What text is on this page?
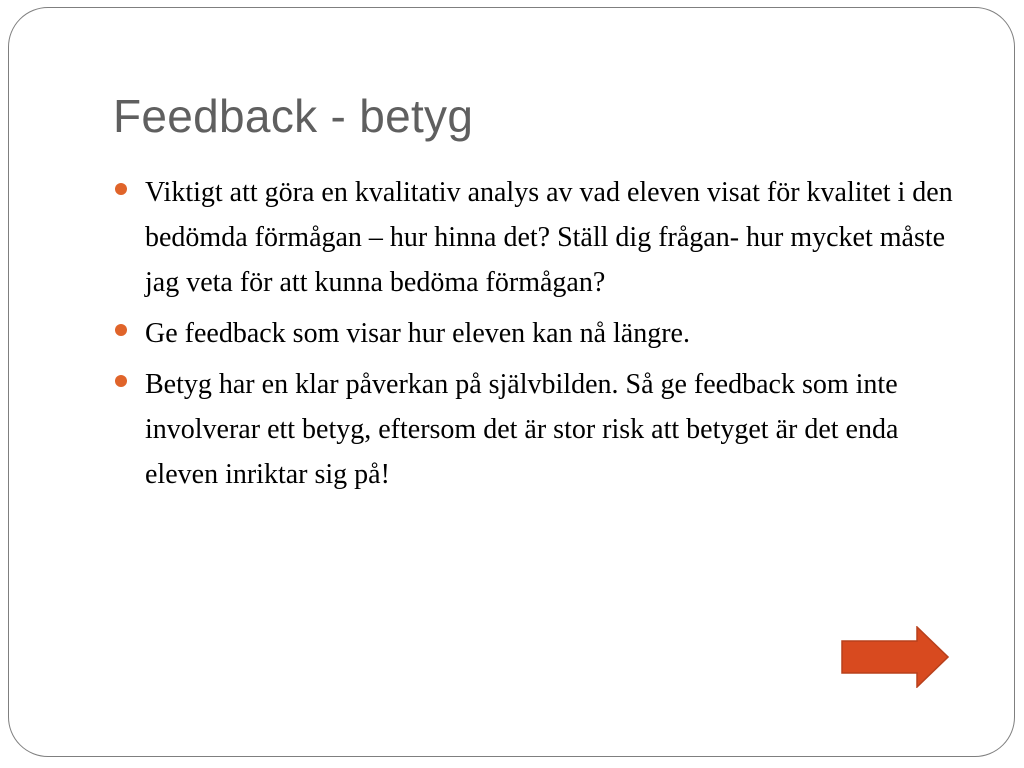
Feedback - betyg
Viktigt att göra en kvalitativ analys av vad eleven visat för kvalitet i den bedömda förmågan – hur hinna det? Ställ dig frågan- hur mycket måste jag veta för att kunna bedöma förmågan?
Ge feedback som visar hur eleven kan nå längre.
Betyg har en klar påverkan på självbilden. Så ge feedback som inte involverar ett betyg, eftersom det är stor risk att betyget är det enda eleven inriktar sig på!
